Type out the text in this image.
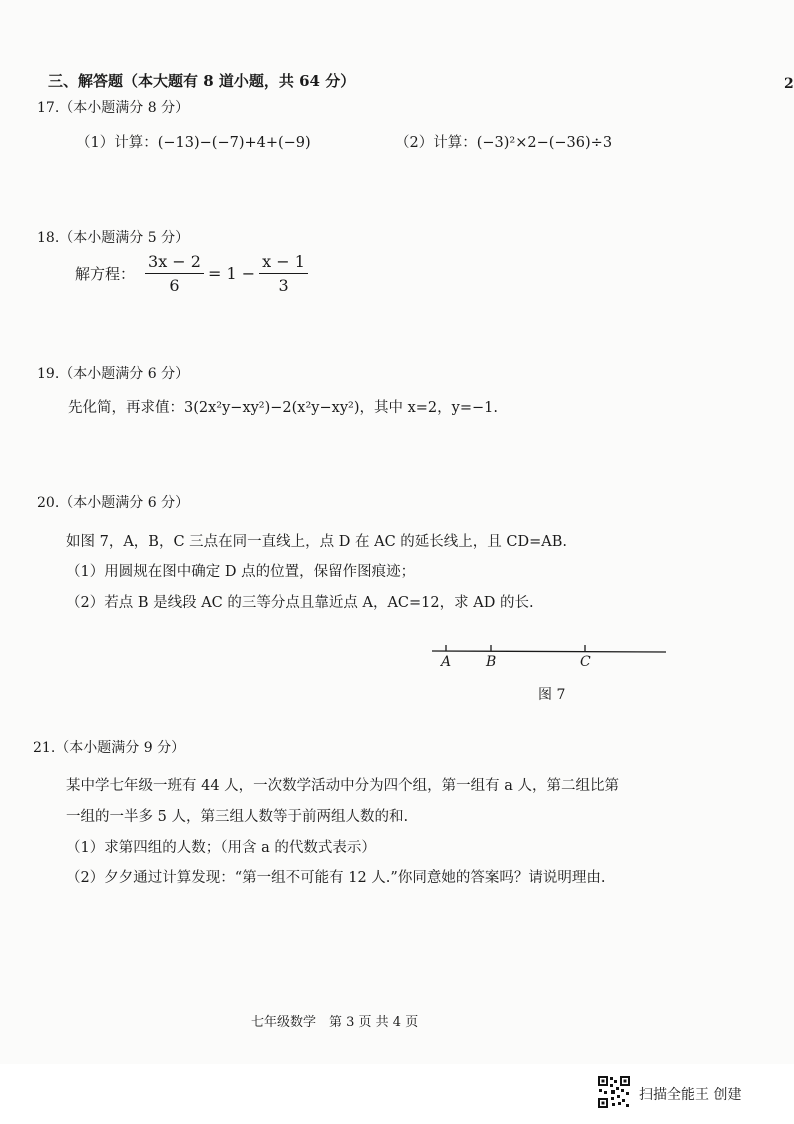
三、解答题（本大题有 8 道小题，共 64 分）	2
17.（本小题满分 8 分）
（1）计算：(−13)−(−7)+4+(−9)	（2）计算：(−3)²×2−(−36)÷3
18.（本小题满分 5 分）
解方程： $\frac{3x - 2}{6} = 1 - \frac{x - 1}{3}$
19.（本小题满分 6 分）
先化简，再求值：3(2x²y−xy²)−2(x²y−xy²)，其中 x=2，y=−1.
20.（本小题满分 6 分）
如图 7，A，B，C 三点在同一直线上，点 D 在 AC 的延长线上，且 CD=AB.
（1）用圆规在图中确定 D 点的位置，保留作图痕迹；
（2）若点 B 是线段 AC 的三等分点且靠近点 A，AC=12，求 AD 的长.
A B	C
图 7
21.（本小题满分 9 分）
某中学七年级一班有 44 人，一次数学活动中分为四个组，第一组有 a 人，第二组比第
一组的一半多 5 人，第三组人数等于前两组人数的和.
（1）求第四组的人数；（用含 a 的代数式表示）
（2）夕夕通过计算发现：“第一组不可能有 12 人.”你同意她的答案吗？请说明理由.
七年级数学　第 3 页 共 4 页
扫描全能王 创建
